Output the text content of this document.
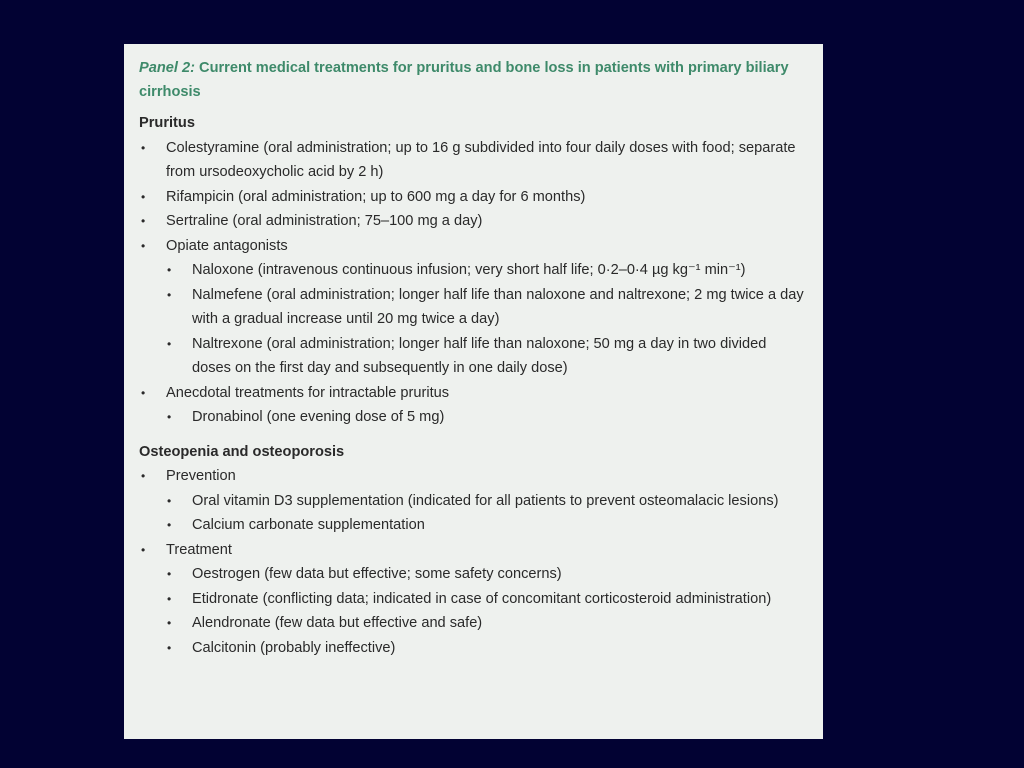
Panel 2: Current medical treatments for pruritus and bone loss in patients with primary biliary cirrhosis
Pruritus
• Colestyramine (oral administration; up to 16 g subdivided into four daily doses with food; separate from ursodeoxycholic acid by 2 h)
• Rifampicin (oral administration; up to 600 mg a day for 6 months)
• Sertraline (oral administration; 75–100 mg a day)
• Opiate antagonists
• Naloxone (intravenous continuous infusion; very short half life; 0·2–0·4 µg kg⁻¹ min⁻¹)
• Nalmefene (oral administration; longer half life than naloxone and naltrexone; 2 mg twice a day with a gradual increase until 20 mg twice a day)
• Naltrexone (oral administration; longer half life than naloxone; 50 mg a day in two divided doses on the first day and subsequently in one daily dose)
• Anecdotal treatments for intractable pruritus
• Dronabinol (one evening dose of 5 mg)
Osteopenia and osteoporosis
• Prevention
• Oral vitamin D3 supplementation (indicated for all patients to prevent osteomalacic lesions)
• Calcium carbonate supplementation
• Treatment
• Oestrogen (few data but effective; some safety concerns)
• Etidronate (conflicting data; indicated in case of concomitant corticosteroid administration)
• Alendronate (few data but effective and safe)
• Calcitonin (probably ineffective)
